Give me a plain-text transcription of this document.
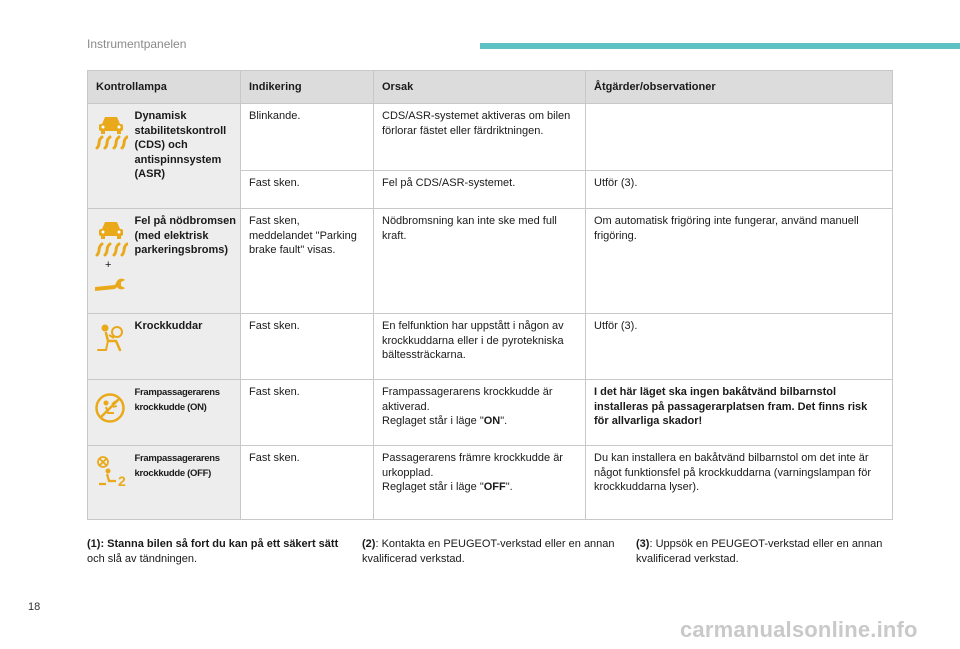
Instrumentpanelen
Kontrollampa		Indikering	Orsak	Åtgärder/observationer

	Dynamisk stabilitetskontroll (CDS) och antispinnsystem (ASR)	Blinkande.	CDS/ASR-systemet aktiveras om bilen förlorar fästet eller färdriktningen.	
		Fast sken.	Fel på CDS/ASR-systemet.	Utför (3).

+	Fel på nödbromsen (med elektrisk parkeringsbroms)	Fast sken, meddelandet "Parking brake fault" visas.	Nödbromsning kan inte ske med full kraft.	Om automatisk frigöring inte fungerar, använd manuell frigöring.

	Krockkuddar	Fast sken.	En felfunktion har uppstått i någon av krockkuddarna eller i de pyrotekniska bältessträckarna.	Utför (3).

	Frampassagerarens krockkudde (ON)	Fast sken.	Frampassagerarens krockkudde är aktiverad.
Reglaget står i läge "ON".	I det här läget ska ingen bakåtvänd bilbarnstol installeras på passagerarplatsen fram. Det finns risk för allvarliga skador!

2	Frampassagerarens krockkudde (OFF)	Fast sken.	Passagerarens främre krockkudde är urkopplad.
Reglaget står i läge "OFF".	Du kan installera en bakåtvänd bilbarnstol om det inte är något funktionsfel på krockkuddarna (varningslampan för krockkuddarna lyser).
(1): Stanna bilen så fort du kan på ett säkert sätt och slå av tändningen.
(2): Kontakta en PEUGEOT-verkstad eller en annan kvalificerad verkstad.
(3): Uppsök en PEUGEOT-verkstad eller en annan kvalificerad verkstad.
18
carmanualsonline.info
